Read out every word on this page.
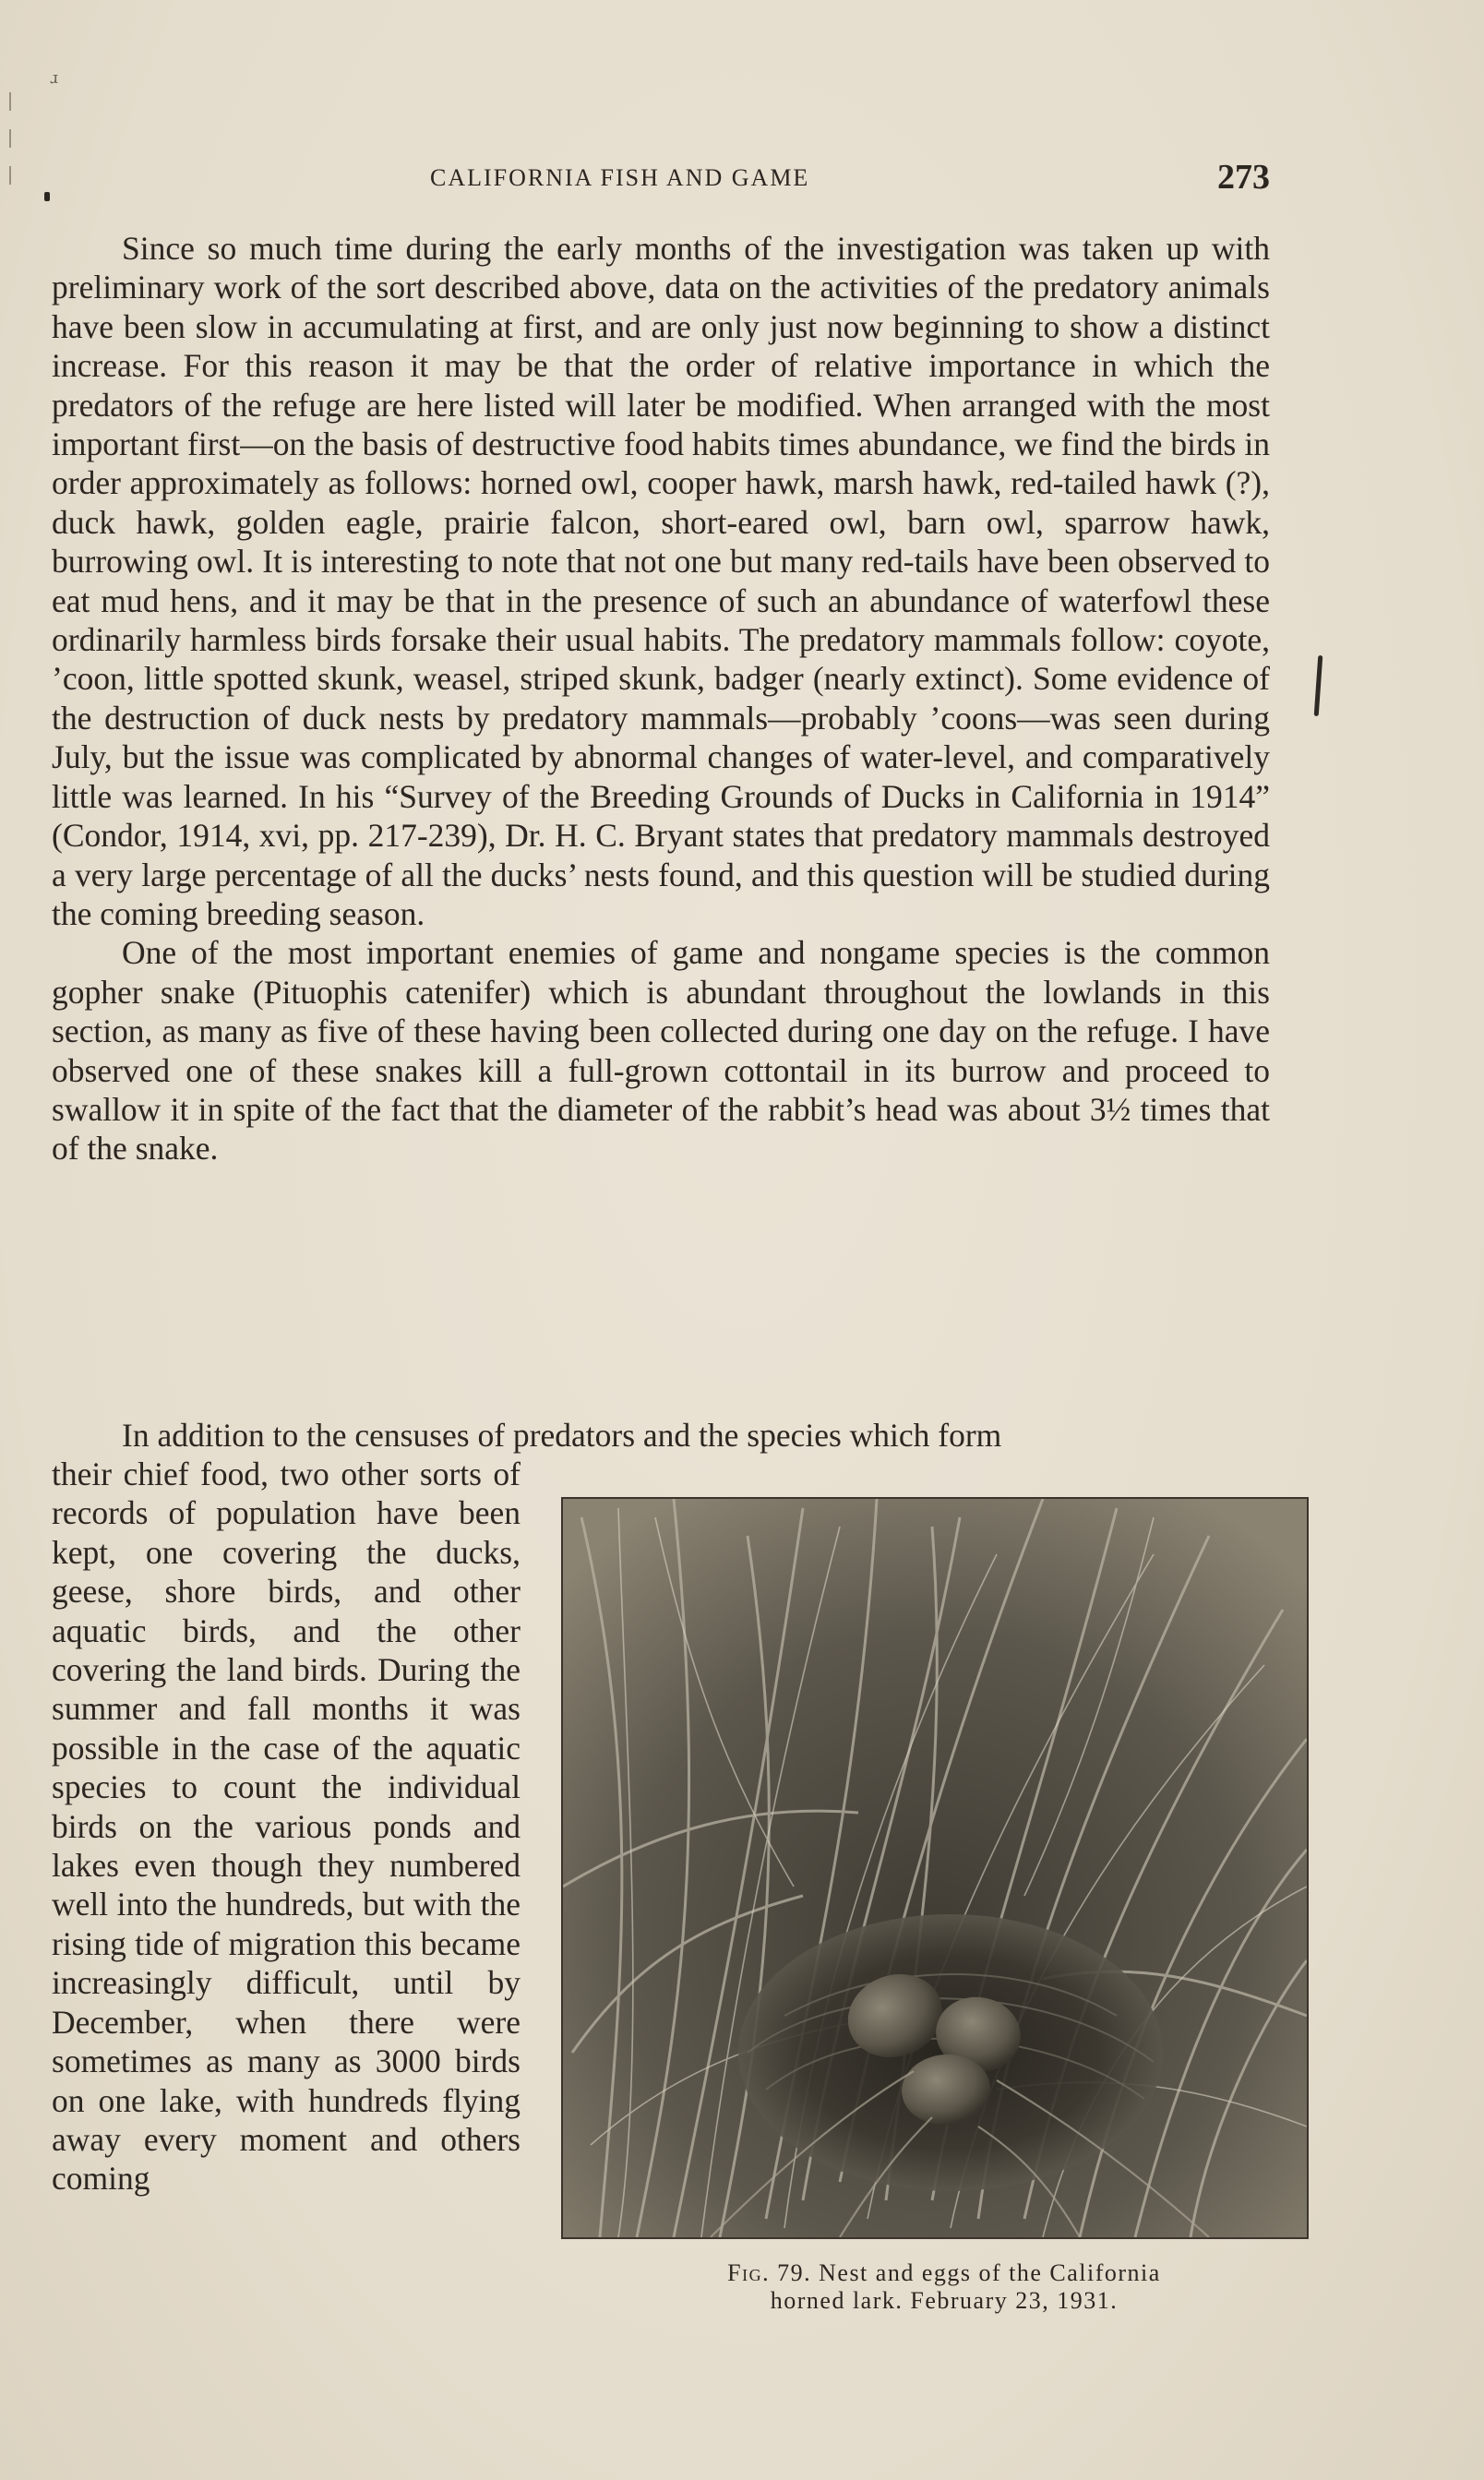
ɹ
CALIFORNIA FISH AND GAME	273

Since so much time during the early months of the investigation was taken up with preliminary work of the sort described above, data on the activities of the predatory animals have been slow in accumulating at first, and are only just now beginning to show a distinct increase. For this reason it may be that the order of relative importance in which the predators of the refuge are here listed will later be modified. When arranged with the most important first—on the basis of destructive food habits times abundance, we find the birds in order approximately as follows: horned owl, cooper hawk, marsh hawk, red-tailed hawk (?), duck hawk, golden eagle, prairie falcon, short-eared owl, barn owl, sparrow hawk, burrowing owl. It is interesting to note that not one but many red-tails have been observed to eat mud hens, and it may be that in the presence of such an abundance of waterfowl these ordinarily harmless birds forsake their usual habits. The predatory mammals follow: coyote, ’coon, little spotted skunk, weasel, striped skunk, badger (nearly extinct). Some evidence of the destruction of duck nests by predatory mammals—probably ’coons—was seen during July, but the issue was complicated by abnormal changes of water-level, and comparatively little was learned. In his “Survey of the Breeding Grounds of Ducks in California in 1914” (Condor, 1914, xvi, pp. 217-239), Dr. H. C. Bryant states that predatory mammals destroyed a very large percentage of all the ducks’ nests found, and this question will be studied during the coming breeding season.

One of the most important enemies of game and nongame species is the common gopher snake (Pituophis catenifer) which is abundant throughout the lowlands in this section, as many as five of these having been collected during one day on the refuge. I have observed one of these snakes kill a full-grown cottontail in its burrow and proceed to swallow it in spite of the fact that the diameter of the rabbit’s head was about 3½ times that of the snake.

In addition to the censuses of predators and the species which form

their chief food, two other sorts of records of population have been kept, one covering the ducks, geese, shore birds, and other aquatic birds, and the other covering the land birds. During the summer and fall months it was possible in the case of the aquatic species to count the individual birds on the various ponds and lakes even though they numbered well into the hundreds, but with the rising tide of migration this became increasingly difficult, until by December, when there were sometimes as many as 3000 birds on one lake, with hundreds flying away every moment and others coming

Fig. 79. Nest and eggs of the California
horned lark. February 23, 1931.
